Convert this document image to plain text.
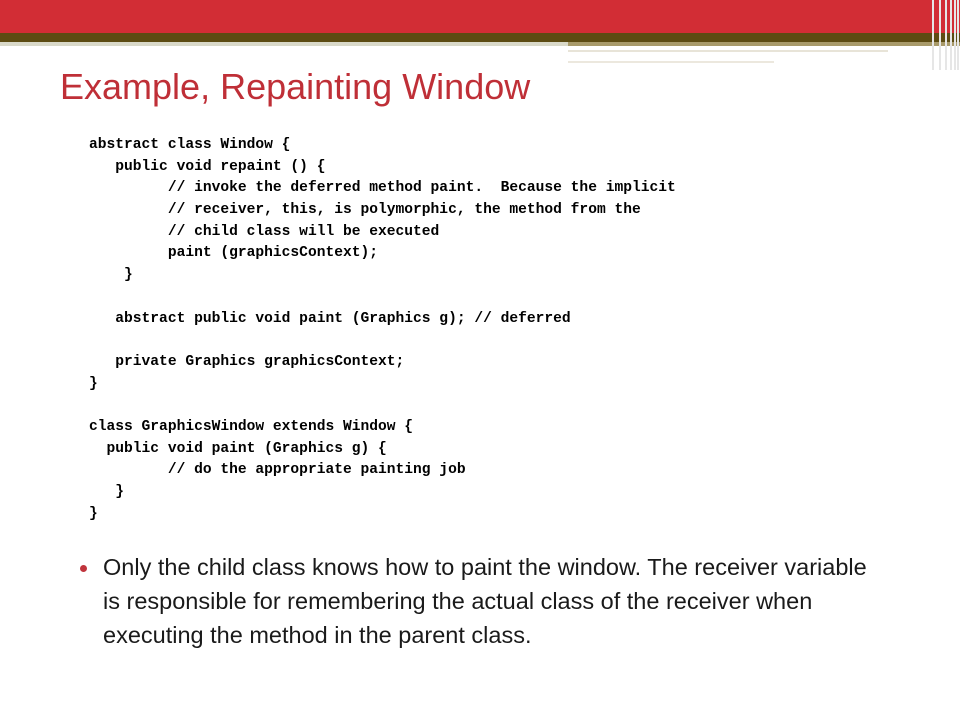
Example, Repainting Window
abstract class Window {
public void repaint () {
// invoke the deferred method paint.  Because the implicit
// receiver, this, is polymorphic, the method from the
// child class will be executed
paint (graphicsContext);
}
abstract public void paint (Graphics g); // deferred
private Graphics graphicsContext;
}
class GraphicsWindow extends Window {
public void paint (Graphics g) {
// do the appropriate painting job
}
}

Only the child class knows how to paint the window. The receiver variable is responsible for remembering the actual class of the receiver when executing the method in the parent class.
